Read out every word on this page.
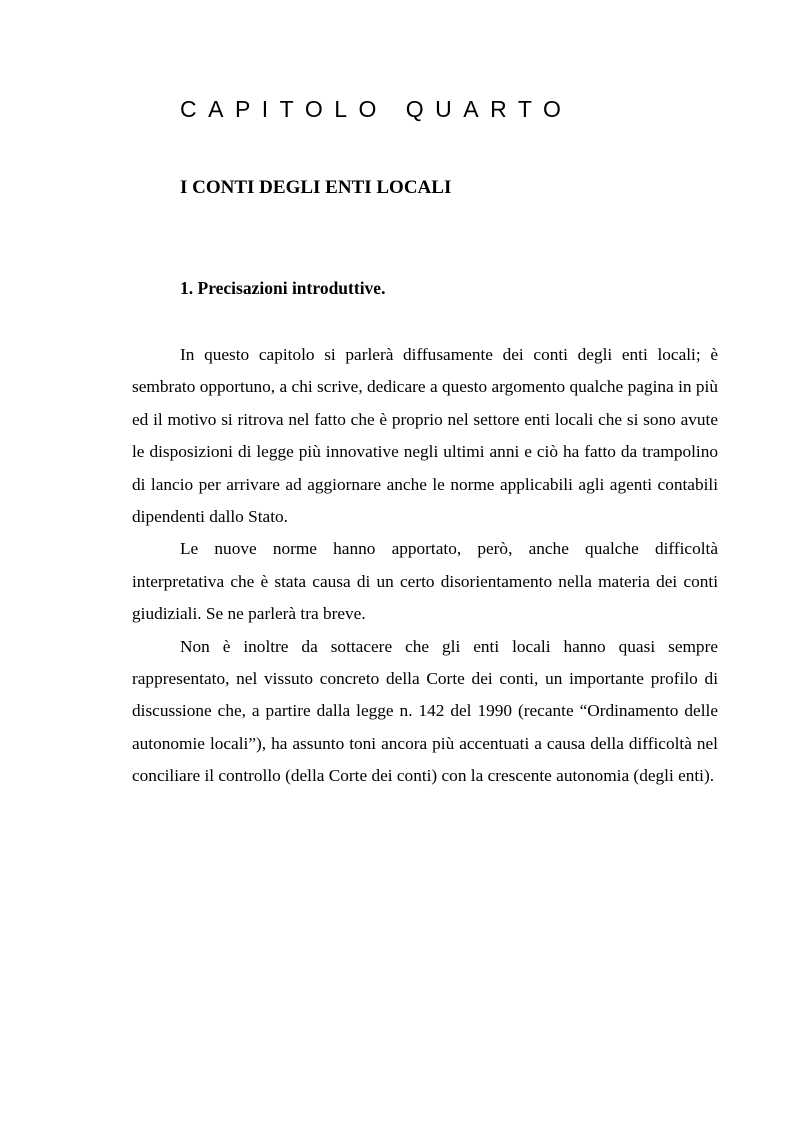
CAPITOLO QUARTO
I CONTI DEGLI ENTI LOCALI
1. Precisazioni introduttive.

In questo capitolo si parlerà diffusamente dei conti degli enti locali; è sembrato opportuno, a chi scrive, dedicare a questo argomento qualche pagina in più ed il motivo si ritrova nel fatto che è proprio nel settore enti locali che si sono avute le disposizioni di legge più innovative negli ultimi anni e ciò ha fatto da trampolino di lancio per arrivare ad aggiornare anche le norme applicabili agli agenti contabili dipendenti dallo Stato.

Le nuove norme hanno apportato, però, anche qualche difficoltà interpretativa che è stata causa di un certo disorientamento nella materia dei conti giudiziali. Se ne parlerà tra breve.

Non è inoltre da sottacere che gli enti locali hanno quasi sempre rappresentato, nel vissuto concreto della Corte dei conti, un importante profilo di discussione che, a partire dalla legge n. 142 del 1990 (recante “Ordinamento delle autonomie locali”), ha assunto toni ancora più accentuati a causa della difficoltà nel conciliare il controllo (della Corte dei conti) con la crescente autonomia (degli enti).
